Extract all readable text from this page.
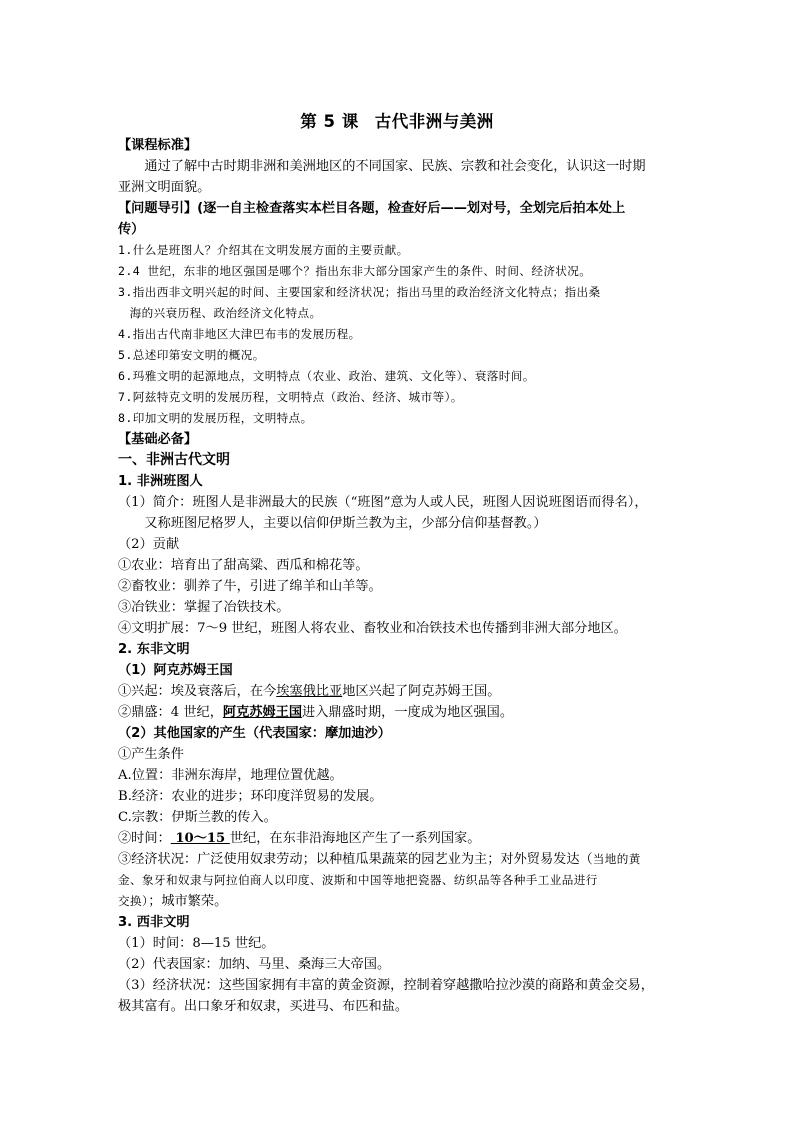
第 5 课 古代非洲与美洲
【课程标准】
通过了解中古时期非洲和美洲地区的不同国家、民族、宗教和社会变化，认识这一时期
亚洲文明面貌。
【问题导引】(逐一自主检查落实本栏目各题，检查好后——划对号，全划完后拍本处上
传）
1.什么是班图人？介绍其在文明发展方面的主要贡献。
2.4 世纪，东非的地区强国是哪个？指出东非大部分国家产生的条件、时间、经济状况。
3.指出西非文明兴起的时间、主要国家和经济状况；指出马里的政治经济文化特点；指出桑
海的兴衰历程、政治经济文化特点。
4.指出古代南非地区大津巴布韦的发展历程。
5.总述印第安文明的概况。
6.玛雅文明的起源地点，文明特点（农业、政治、建筑、文化等）、衰落时间。
7.阿兹特克文明的发展历程，文明特点（政治、经济、城市等）。
8.印加文明的发展历程，文明特点。
【基础必备】
一、非洲古代文明
1. 非洲班图人
（1）简介：班图人是非洲最大的民族（“班图”意为人或人民，班图人因说班图语而得名），
又称班图尼格罗人，主要以信仰伊斯兰教为主，少部分信仰基督教。）
（2）贡献
①农业：培育出了甜高粱、西瓜和棉花等。
②畜牧业：驯养了牛，引进了绵羊和山羊等。
③冶铁业：掌握了冶铁技术。
④文明扩展：7～9 世纪，班图人将农业、畜牧业和冶铁技术也传播到非洲大部分地区。
2. 东非文明
（1）阿克苏姆王国
①兴起：埃及衰落后，在今埃塞俄比亚地区兴起了阿克苏姆王国。
②鼎盛：4 世纪，阿克苏姆王国进入鼎盛时期，一度成为地区强国。
（2）其他国家的产生（代表国家：摩加迪沙）
①产生条件
A.位置：非洲东海岸，地理位置优越。
B.经济：农业的进步；环印度洋贸易的发展。
C.宗教：伊斯兰教的传入。
②时间： 10～15 世纪，在东非沿海地区产生了一系列国家。
③经济状况：广泛使用奴隶劳动；以种植瓜果蔬菜的园艺业为主；对外贸易发达（当地的黄
金、象牙和奴隶与阿拉伯商人以印度、波斯和中国等地把瓷器、纺织品等各种手工业品进行
交换）；城市繁荣。
3. 西非文明
（1）时间：8—15 世纪。
（2）代表国家：加纳、马里、桑海三大帝国。
（3）经济状况：这些国家拥有丰富的黄金资源，控制着穿越撒哈拉沙漠的商路和黄金交易，
极其富有。出口象牙和奴隶，买进马、布匹和盐。
